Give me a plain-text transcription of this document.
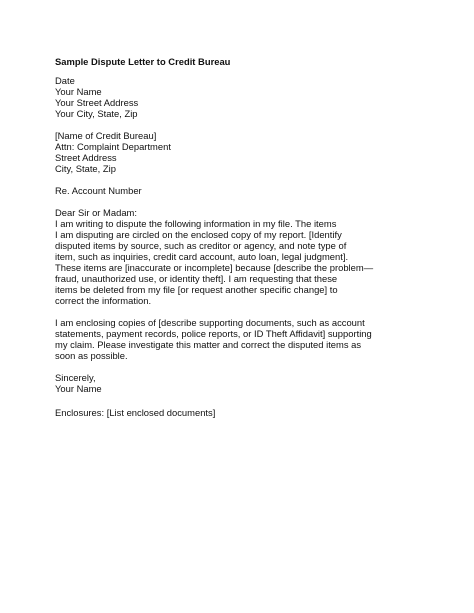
Sample Dispute Letter to Credit Bureau
Date
Your Name
Your Street Address
Your City, State, Zip
[Name of Credit Bureau]
Attn: Complaint Department
Street Address
City, State, Zip
Re. Account Number
Dear Sir or Madam:
I am writing to dispute the following information in my file. The items
I am disputing are circled on the enclosed copy of my report. [Identify
disputed items by source, such as creditor or agency, and note type of
item, such as inquiries, credit card account, auto loan, legal judgment].
These items are [inaccurate or incomplete] because [describe the problem—
fraud, unauthorized use, or identity theft]. I am requesting that these
items be deleted from my file [or request another specific change] to
correct the information.
I am enclosing copies of [describe supporting documents, such as account
statements, payment records, police reports, or ID Theft Affidavit] supporting
my claim. Please investigate this matter and correct the disputed items as
soon as possible.
Sincerely,
Your Name
Enclosures: [List enclosed documents]
